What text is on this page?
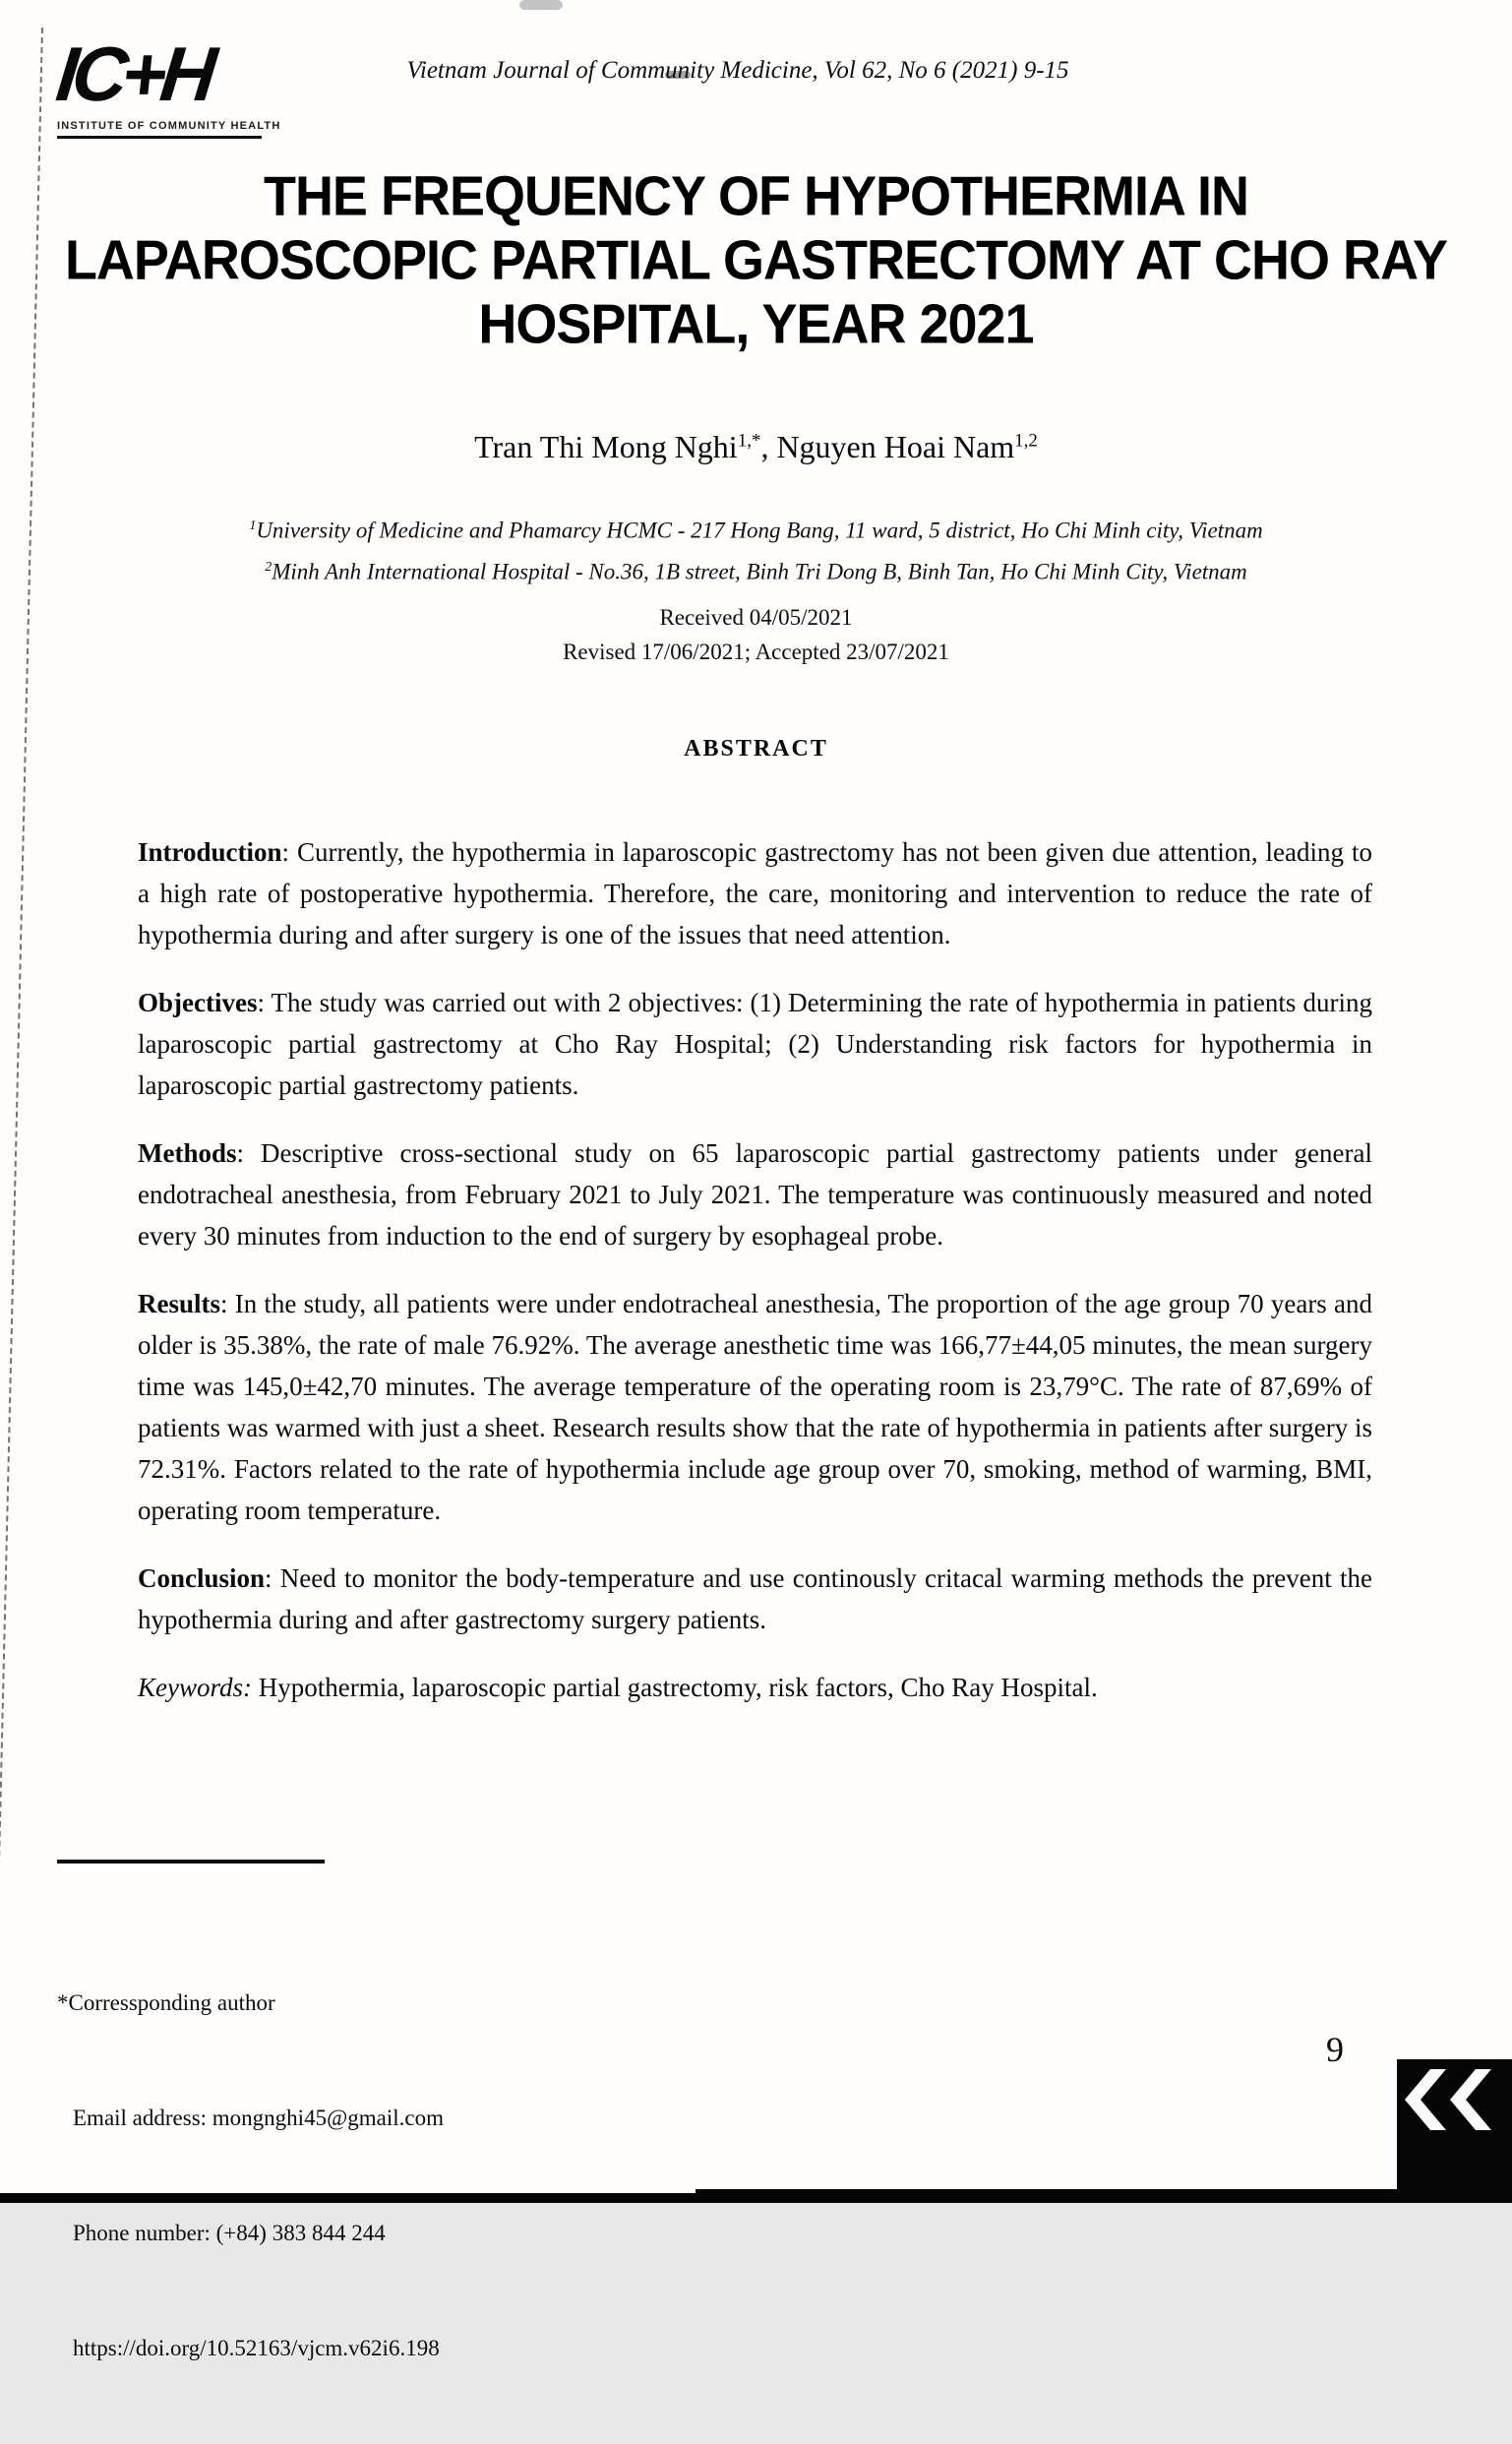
IC+H
INSTITUTE OF COMMUNITY HEALTH
Vietnam Journal of Community Medicine, Vol 62, No 6 (2021) 9-15
THE FREQUENCY OF HYPOTHERMIA IN
LAPAROSCOPIC PARTIAL GASTRECTOMY AT CHO RAY
HOSPITAL, YEAR 2021
Tran Thi Mong Nghi$^{1,*}$, Nguyen Hoai Nam$^{1,2}$
$^1$University of Medicine and Phamarcy HCMC - 217 Hong Bang, 11 ward, 5 district, Ho Chi Minh city, Vietnam
$^2$Minh Anh International Hospital - No.36, 1B street, Binh Tri Dong B, Binh Tan, Ho Chi Minh City, Vietnam
Received 04/05/2021
Revised 17/06/2021; Accepted 23/07/2021
ABSTRACT

Introduction: Currently, the hypothermia in laparoscopic gastrectomy has not been given due attention, leading to a high rate of postoperative hypothermia. Therefore, the care, monitoring and intervention to reduce the rate of hypothermia during and after surgery is one of the issues that need attention.

Objectives: The study was carried out with 2 objectives: (1) Determining the rate of hypothermia in patients during laparoscopic partial gastrectomy at Cho Ray Hospital; (2) Understanding risk factors for hypothermia in laparoscopic partial gastrectomy patients.

Methods: Descriptive cross-sectional study on 65 laparoscopic partial gastrectomy patients under general endotracheal anesthesia, from February 2021 to July 2021. The temperature was continuously measured and noted every 30 minutes from induction to the end of surgery by esophageal probe.

Results: In the study, all patients were under endotracheal anesthesia, The proportion of the age group 70 years and older is 35.38%, the rate of male 76.92%. The average anesthetic time was 166,77±44,05 minutes, the mean surgery time was 145,0±42,70 minutes. The average temperature of the operating room is 23,79°C. The rate of 87,69% of patients was warmed with just a sheet. Research results show that the rate of hypothermia in patients after surgery is 72.31%. Factors related to the rate of hypothermia include age group over 70, smoking, method of warming, BMI, operating room temperature.

Conclusion: Need to monitor the body-temperature and use continously critacal warming methods the prevent the hypothermia during and after gastrectomy surgery patients.

Keywords: Hypothermia, laparoscopic partial gastrectomy, risk factors, Cho Ray Hospital.

*Corressponding author

Email address: mongnghi45@gmail.com

Phone number: (+84) 383 844 244

https://doi.org/10.52163/vjcm.v62i6.198

9
